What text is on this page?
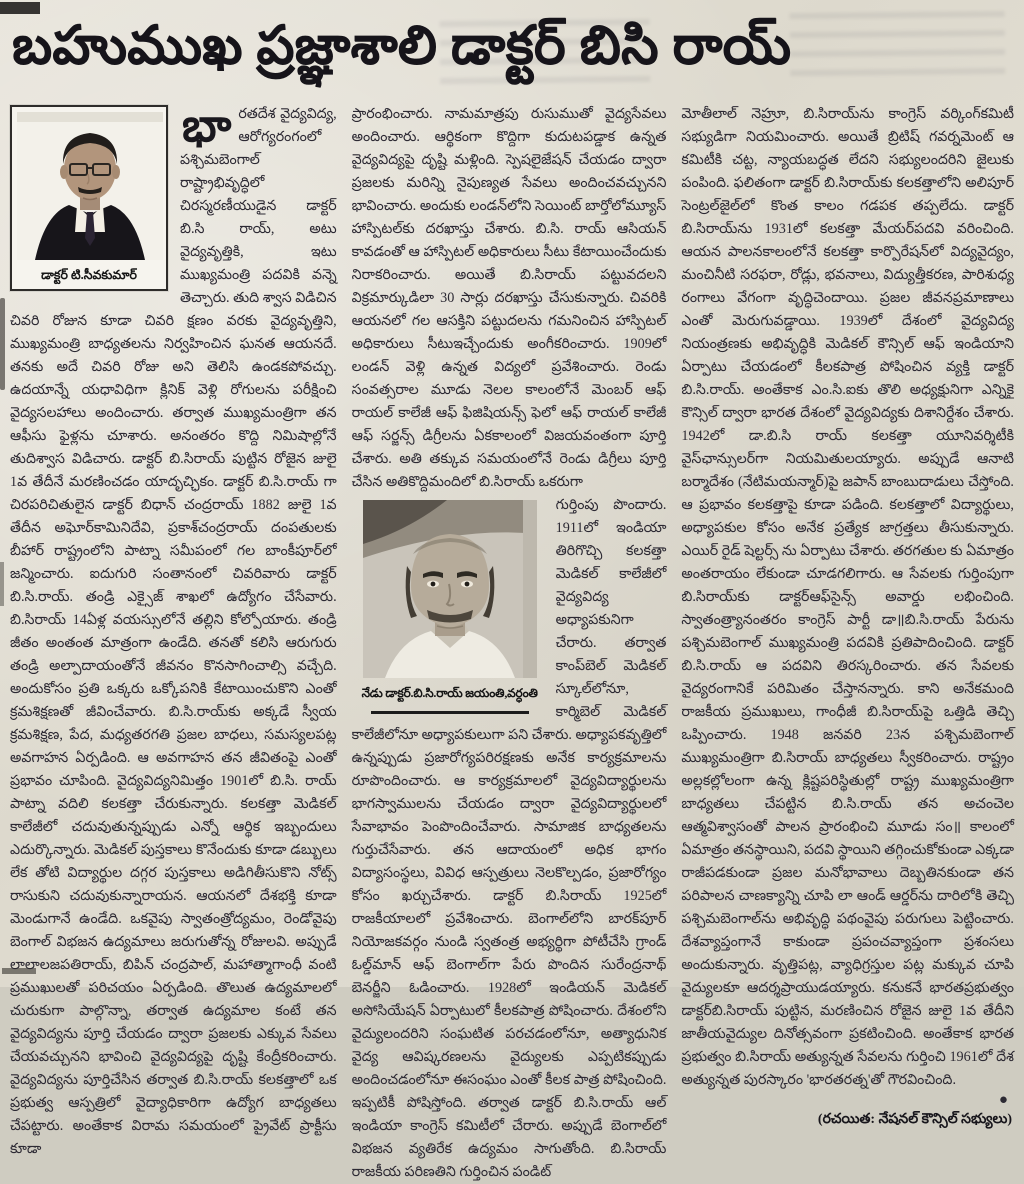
బహుముఖ ప్రజ్ఞాశాలి డాక్టర్ బిసి రాయ్
డాక్టర్ టి.సీవకుమార్

భారతదేశ వైద్యవిద్య, ఆరోగ్యరంగంలో పశ్చిమబెంగాల్ రాష్ట్రాభివృద్ధిలో చిరస్మరణీయుడైన డాక్టర్ బి.సి రాయ్, అటు వైద్యవృత్తికి, ఇటు ముఖ్యమంత్రి పదవికి వన్నె తెచ్చారు. తుది శ్వాస విడిచిన చివరి రోజున కూడా చివరి క్షణం వరకు వైద్యవృత్తిని, ముఖ్యమంత్రి బాధ్యతలను నిర్వహించిన ఘనత ఆయనదే. తనకు అదే చివరి రోజు అని తెలిసి ఉండకపోవచ్చు. ఉదయాన్నే యధావిధిగా క్లినిక్ వెళ్లి రోగులను పరీక్షించి వైద్యసలహాలు అందించారు. తర్వాత ముఖ్యమంత్రిగా తన ఆఫీసు ఫైళ్లను చూశారు. అనంతరం కొద్ది నిమిషాల్లోనే తుదిశ్వాస విడిచారు. డాక్టర్ బి.సిరాయ్ పుట్టిన రోజైన జులై 1వ తేదీనే మరణించడం యాదృచ్ఛికం. డాక్టర్ బి.సి.రాయ్ గా చిరపరిచితులైన డాక్టర్ బిధాన్ చంద్రరాయ్ 1882 జులై 1వ తేదీన అఘోర్‌కామినిదేవి, ప్రకాశ్‌చంద్రరాయ్ దంపతులకు బీహార్ రాష్ట్రంలోని పాట్నా సమీపంలో గల బాంకీపూర్‌లో జన్మించారు. ఐదుగురి సంతానంలో చివరివారు డాక్టర్ బి.సి.రాయ్. తండ్రి ఎక్సైజ్ శాఖలో ఉద్యోగం చేసేవారు. బి.సిరాయ్ 14ఏళ్ల వయస్సులోనే తల్లిని కోల్పోయారు. తండ్రి జీతం అంతంత మాత్రంగా ఉండేది. తనతో కలిసి ఆరుగురు తండ్రి అల్పాదాయంతోనే జీవనం కొనసాగించాల్సి వచ్చేది. అందుకోసం ప్రతి ఒక్కరు ఒక్కోపనికి కేటాయించుకొని ఎంతో క్రమశిక్షణతో జీవించేవారు. బి.సి.రాయ్‌కు అక్కడే స్వీయ క్రమశిక్షణ, పేద, మధ్యతరగతి ప్రజల బాధలు, సమస్యలపట్ల అవగాహన ఏర్పడింది. ఆ అవగాహన తన జీవితంపై ఎంతో ప్రభావం చూపింది. వైద్యవిద్యనిమిత్తం 1901లో బి.సి. రాయ్ పాట్నా వదిలి కలకత్తా చేరుకున్నారు. కలకత్తా మెడికల్ కాలేజీలో చదువుతున్నప్పుడు ఎన్నో ఆర్థిక ఇబ్బందులు ఎదుర్కొన్నారు. మెడికల్ పుస్తకాలు కొనేందుకు కూడా డబ్బులు లేక తోటి విద్యార్థుల దగ్గర పుస్తకాలు అడిగితీసుకొని నోట్స్ రాసుకుని చదువుకున్నారాయన. ఆయనలో దేశభక్తి కూడా మెండుగానే ఉండేది. ఒకవైపు స్వాతంత్రోద్యమం, రెండోవైపు బెంగాల్ విభజన ఉద్యమాలు జరుగుతోన్న రోజులవి. అప్పుడే లాలాలజపతిరాయ్, బిపిన్ చంద్రపాల్, మహాత్మాగాంధీ వంటి ప్రముఖులతో పరిచయం ఏర్పడింది. తొలుత ఉద్యమాలలో చురుకుగా పాల్గొన్నా, తర్వాత ఉద్యమాల కంటే తన వైద్యవిద్యను పూర్తి చేయడం ద్వారా ప్రజలకు ఎక్కువ సేవలు చేయవచ్చునని భావించి వైద్యవిద్యపై దృష్టి కేంద్రీకరించారు. వైద్యవిద్యను పూర్తిచేసిన తర్వాత బి.సి.రాయ్ కలకత్తాలో ఒక ప్రభుత్వ ఆస్పత్రిలో వైద్యాధికారిగా ఉద్యోగ బాధ్యతలు చేపట్టారు. అంతేకాక విరామ సమయంలో ప్రైవేట్ ప్రాక్టీసు కూడా

ప్రారంభించారు. నామమాత్రపు రుసుముతో వైద్యసేవలు అందించారు. ఆర్థికంగా కొద్దిగా కుదుటపడ్డాక ఉన్నత వైద్యవిద్యపై దృష్టి మళ్లింది. స్పెషలైజేషన్ చేయడం ద్వారా ప్రజలకు మరిన్ని నైపుణ్యత సేవలు అందించవచ్చునని భావించారు. అందుకు లండన్‌లోని సెయింట్ బార్తోలోమ్యూస్ హాస్పిటల్‌కు దరఖాస్తు చేశారు. బి.సి. రాయ్ ఆసియన్ కావడంతో ఆ హాస్పిటల్ అధికారులు సీటు కేటాయించేందుకు నిరాకరించారు. అయితే బి.సిరాయ్ పట్టువదలని విక్రమార్కుడిలా 30 సార్లు దరఖాస్తు చేసుకున్నారు. చివరికి ఆయనలో గల ఆసక్తిని పట్టుదలను గమనించిన హాస్పిటల్ అధికారులు సీటుఇచ్చేందుకు అంగీకరించారు. 1909లో లండన్ వెళ్లి ఉన్నత విద్యలో ప్రవేశించారు. రెండు సంవత్సరాల మూడు నెలల కాలంలోనే మెంబర్ ఆఫ్ రాయల్ కాలేజీ ఆఫ్ ఫిజిషియన్స్ ఫెలో ఆఫ్ రాయల్ కాలేజీ ఆఫ్ సర్జన్స్ డిగ్రీలను ఏకకాలంలో విజయవంతంగా పూర్తి చేశారు. అతి తక్కువ సమయంలోనే రెండు డిగ్రీలు పూర్తి చేసిన అతికొద్దిమందిలో బి.సిరాయ్ ఒకరుగా

నేడు డాక్టర్.బి.సి.రాయ్ జయంతి,వర్ధంతి

గుర్తింపు పొందారు. 1911లో ఇండియా తిరిగొచ్చి కలకత్తా మెడికల్ కాలేజీలో వైద్యవిద్య అధ్యాపకునిగా చేరారు. తర్వాత కాంప్‌బెల్ మెడికల్ స్కూల్‌లోనూ, కార్మిబెల్ మెడికల్ కాలేజీలోనూ అధ్యాపకులుగా పని చేశారు. అధ్యాపకవృత్తిలో ఉన్నప్పుడు ప్రజారోగ్యపరిరక్షణకు అనేక కార్యక్రమాలను రూపొందించారు. ఆ కార్యక్రమాలలో వైద్యవిద్యార్థులను భాగస్వాములను చేయడం ద్వారా వైద్యవిద్యార్థులలో సేవాభావం పెంపొందించేవారు. సామాజిక బాధ్యతలను గుర్తుచేసేవారు. తన ఆదాయంలో అధిక భాగం విద్యాసంస్థలు, వివిధ ఆస్పత్రులు నెలకొల్పడం, ప్రజారోగ్యం కోసం ఖర్చుచేశారు. డాక్టర్ బి.సిరాయ్ 1925లో రాజకీయాలలో ప్రవేశించారు. బెంగాల్‌లోని బారక్‌పూర్ నియోజకవర్గం నుండి స్వతంత్ర అభ్యర్థిగా పోటీచేసి గ్రాండ్ ఓల్డ్‌మాన్ ఆఫ్ బెంగాల్‌గా పేరు పొందిన సురేంద్రనాథ్ బెనర్జీని ఓడించారు. 1928లో ఇండియన్ మెడికల్ అసోసియేషన్ ఏర్పాటులో కీలకపాత్ర పోషించారు. దేశంలోని వైద్యులందరిని సంఘటిత పరచడంలోనూ, అత్యాధునిక వైద్య ఆవిష్కరణలను వైద్యులకు ఎప్పటికప్పుడు అందించడంలోనూ ఈసంఘం ఎంతో కీలక పాత్ర పోషించింది. ఇప్పటికీ పోషిస్తోంది. తర్వాత డాక్టర్ బి.సి.రాయ్ ఆల్ ఇండియా కాంగ్రెస్ కమిటీలో చేరారు. అప్పుడే బెంగాల్‌లో విభజన వ్యతిరేక ఉద్యమం సాగుతోంది. బి.సిరాయ్ రాజకీయ పరిణతిని గుర్తించిన పండిట్

మోతీలాల్ నెహ్రూ, బి.సిరాయ్‌ను కాంగ్రెస్ వర్కింగ్‌కమిటీ సభ్యుడిగా నియమించారు. అయితే బ్రిటిష్ గవర్నమెంట్ ఆ కమిటీకి చట్ట, న్యాయబద్ధత లేదని సభ్యులందరిని జైలుకు పంపింది. ఫలితంగా డాక్టర్ బి.సిరాయ్‌కు కలకత్తాలోని అలిపూర్ సెంట్రల్‌జైల్‌లో కొంత కాలం గడపక తప్పలేదు. డాక్టర్ బి.సిరాయ్‌ను 1931లో కలకత్తా మేయర్‌పదవి వరించింది. ఆయన పాలనకాలంలోనే కలకత్తా కార్పొరేషన్‌లో విద్యవైద్యం, మంచినీటి సరఫరా, రోడ్లు, భవనాలు, విద్యుత్తీకరణ, పారిశుధ్య రంగాలు వేగంగా వృద్ధిచెందాయి. ప్రజల జీవనప్రమాణాలు ఎంతో మెరుగువడ్డాయి. 1939లో దేశంలో వైద్యవిద్య నియంత్రణకు అభివృద్ధికి మెడికల్ కౌన్సిల్ ఆఫ్ ఇండియాని ఏర్పాటు చేయడంలో కీలకపాత్ర పోషించిన వ్యక్తి డాక్టర్ బి.సి.రాయ్. అంతేకాక ఎం.సి.ఐకు తొలి అధ్యక్షునిగా ఎన్నికై కౌన్సిల్ ద్వారా భారత దేశంలో వైద్యవిద్యకు దిశానిర్దేశం చేశారు. 1942లో డా.బి.సి రాయ్ కలకత్తా యూనివర్శిటీకి వైస్‌ఛాన్సులర్‌గా నియమితులయ్యారు. అప్పుడే ఆనాటి బర్మాదేశం (నేటిమయన్మార్)పై జపాన్ బాంబుదాడులు చేస్తోంది. ఆ ప్రభావం కలకత్తాపై కూడా పడింది. కలకత్తాలో విద్యార్థులు, అధ్యాపకుల కోసం అనేక ప్రత్యేక జాగ్రత్తలు తీసుకున్నారు. ఎయిర్ రైడ్ షెల్టర్స్ ను ఏర్పాటు చేశారు. తరగతుల కు ఏమాత్రం అంతరాయం లేకుండా చూడగలిగారు. ఆ సేవలకు గుర్తింపుగా బి.సిరాయ్‌కు డాక్టర్‌ఆఫ్‌సైన్స్ అవార్డు లభించింది. స్వాతంత్ర్యానంతరం కాంగ్రెస్ పార్టీ డా॥బి.సి.రాయ్ పేరును పశ్చిమబెంగాల్ ముఖ్యమంత్రి పదవికి ప్రతిపాదించింది. డాక్టర్ బి.సి.రాయ్ ఆ పదవిని తిరస్కరించారు. తన సేవలకు వైద్యరంగానికే పరిమితం చేస్తానన్నారు. కాని అనేకమంది రాజకీయ ప్రముఖులు, గాంధీజీ బి.సిరాయ్‌పై ఒత్తిడి తెచ్చి ఒప్పించారు. 1948 జనవరి 23న పశ్చిమబెంగాల్ ముఖ్యమంత్రిగా బి.సిరాయ్ బాధ్యతలు స్వీకరించారు. రాష్ట్రం అల్లకల్లోలంగా ఉన్న క్లిష్టపరిస్థితుల్లో రాష్ట్ర ముఖ్యమంత్రిగా బాధ్యతలు చేపట్టిన బి.సి.రాయ్ తన అచంచెల ఆత్మవిశ్వాసంతో పాలన ప్రారంభించి మూడు సం॥ కాలంలో ఏమాత్రం తనస్థాయిని, పదవి స్థాయిని తగ్గించుకోకుండా ఎక్కడా రాజీపడకుండా ప్రజల మనోభావాలు దెబ్బతినకుండా తన పరిపాలన చాణక్యాన్ని చూపి లా ఆండ్ ఆర్డర్‌ను దారిలోకి తెచ్చి పశ్చిమబెంగాల్‌ను అభివృద్ధి పథంవైపు పరుగులు పెట్టించారు. దేశవ్యాప్తంగానే కాకుండా ప్రపంచవ్యాప్తంగా ప్రశంసలు అందుకున్నారు. వృత్తిపట్ల, వ్యాధిగ్రస్తుల పట్ల మక్కువ చూపి వైద్యులకూ ఆదర్శప్రాయుడయ్యారు. కనుకనే భారతప్రభుత్వం డాక్టర్‌బి.సిరాయ్ పుట్టిన, మరణించిన రోజైన జులై 1వ తేదీని జాతీయవైద్యుల దినోత్సవంగా ప్రకటించింది. అంతేకాక భారత ప్రభుత్వం బి.సిరాయ్ అత్యున్నత సేవలను గుర్తించి 1961లో దేశ అత్యున్నత పురస్కారం 'భారతరత్న'తో గౌరవించింది.

●
(రచయిత: నేషనల్ కౌన్సిల్ సభ్యులు)
